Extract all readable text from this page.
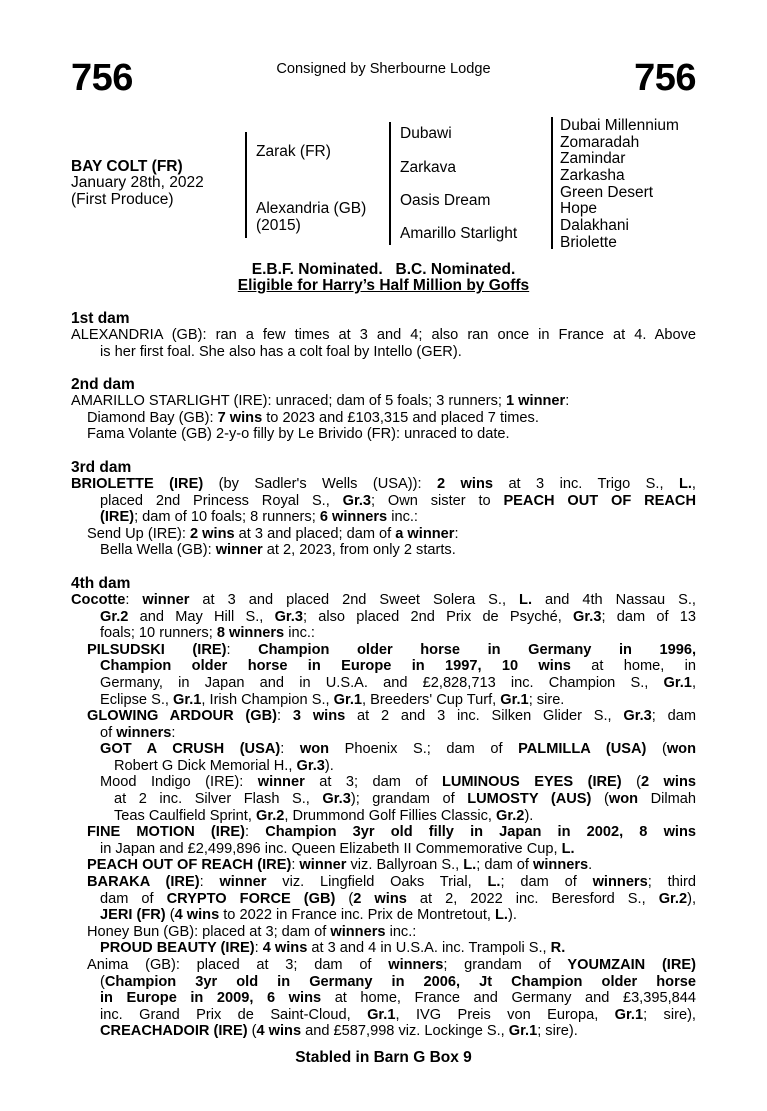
756	Consigned by Sherbourne Lodge	756
BAY COLT (FR)
January 28th, 2022
(First Produce)
Zarak (FR)
Alexandria (GB)
(2015)
Dubawi
Zarkava
Oasis Dream
Amarillo Starlight
Dubai Millennium
Zomaradah
Zamindar
Zarkasha
Green Desert
Hope
Dalakhani
Briolette
E.B.F. Nominated.   B.C. Nominated.
Eligible for Harry’s Half Million by Goffs
1st dam
ALEXANDRIA (GB): ran a few times at 3 and 4; also ran once in France at 4. Above
is her first foal. She also has a colt foal by Intello (GER).
2nd dam
AMARILLO STARLIGHT (IRE): unraced; dam of 5 foals; 3 runners; 1 winner:
Diamond Bay (GB): 7 wins to 2023 and £103,315 and placed 7 times.
Fama Volante (GB) 2-y-o filly by Le Brivido (FR): unraced to date.
3rd dam
BRIOLETTE (IRE) (by Sadler's Wells (USA)): 2 wins at 3 inc. Trigo S., L.,
placed 2nd Princess Royal S., Gr.3; Own sister to PEACH OUT OF REACH
(IRE); dam of 10 foals; 8 runners; 6 winners inc.:
Send Up (IRE): 2 wins at 3 and placed; dam of a winner:
Bella Wella (GB): winner at 2, 2023, from only 2 starts.
4th dam
Cocotte: winner at 3 and placed 2nd Sweet Solera S., L. and 4th Nassau S.,
Gr.2 and May Hill S., Gr.3; also placed 2nd Prix de Psyché, Gr.3; dam of 13
foals; 10 runners; 8 winners inc.:
PILSUDSKI (IRE): Champion older horse in Germany in 1996,
Champion older horse in Europe in 1997, 10 wins at home, in
Germany, in Japan and in U.S.A. and £2,828,713 inc. Champion S., Gr.1,
Eclipse S., Gr.1, Irish Champion S., Gr.1, Breeders' Cup Turf, Gr.1; sire.
GLOWING ARDOUR (GB): 3 wins at 2 and 3 inc. Silken Glider S., Gr.3; dam
of winners:
GOT A CRUSH (USA): won Phoenix S.; dam of PALMILLA (USA) (won
Robert G Dick Memorial H., Gr.3).
Mood Indigo (IRE): winner at 3; dam of LUMINOUS EYES (IRE) (2 wins
at 2 inc. Silver Flash S., Gr.3); grandam of LUMOSTY (AUS) (won Dilmah
Teas Caulfield Sprint, Gr.2, Drummond Golf Fillies Classic, Gr.2).
FINE MOTION (IRE): Champion 3yr old filly in Japan in 2002, 8 wins
in Japan and £2,499,896 inc. Queen Elizabeth II Commemorative Cup, L.
PEACH OUT OF REACH (IRE): winner viz. Ballyroan S., L.; dam of winners.
BARAKA (IRE): winner viz. Lingfield Oaks Trial, L.; dam of winners; third
dam of CRYPTO FORCE (GB) (2 wins at 2, 2022 inc. Beresford S., Gr.2),
JERI (FR) (4 wins to 2022 in France inc. Prix de Montretout, L.).
Honey Bun (GB): placed at 3; dam of winners inc.:
PROUD BEAUTY (IRE): 4 wins at 3 and 4 in U.S.A. inc. Trampoli S., R.
Anima (GB): placed at 3; dam of winners; grandam of YOUMZAIN (IRE)
(Champion 3yr old in Germany in 2006, Jt Champion older horse
in Europe in 2009, 6 wins at home, France and Germany and £3,395,844
inc. Grand Prix de Saint-Cloud, Gr.1, IVG Preis von Europa, Gr.1; sire),
CREACHADOIR (IRE) (4 wins and £587,998 viz. Lockinge S., Gr.1; sire).
Stabled in Barn G Box 9
